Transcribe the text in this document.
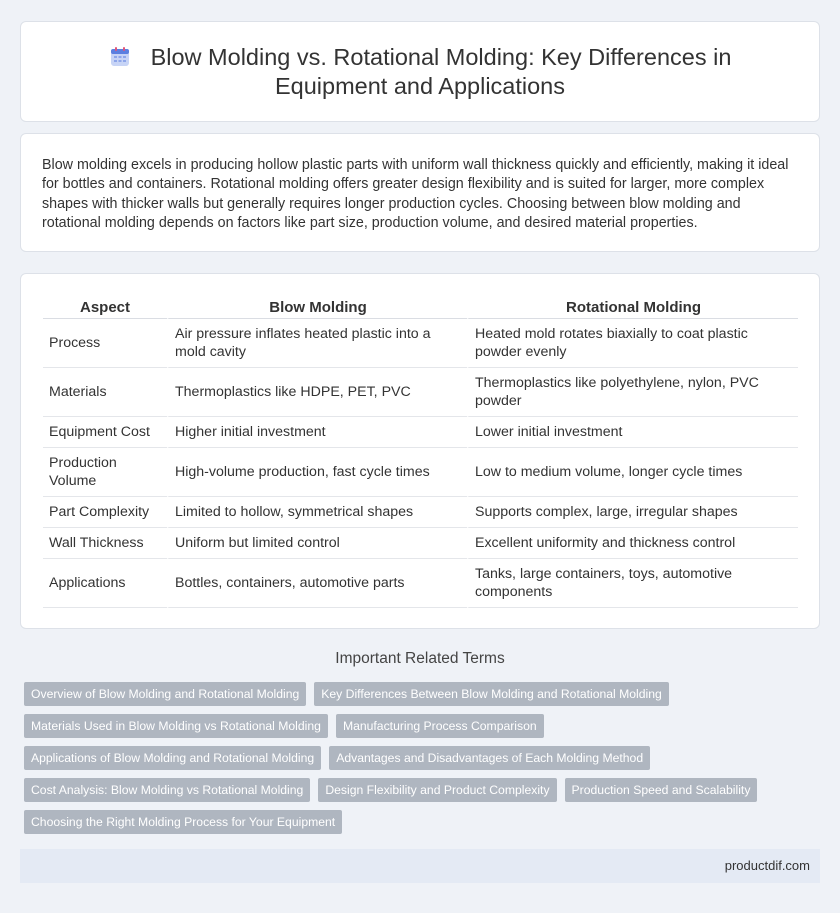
Blow Molding vs. Rotational Molding: Key Differences in Equipment and Applications

Blow molding excels in producing hollow plastic parts with uniform wall thickness quickly and efficiently, making it ideal for bottles and containers. Rotational molding offers greater design flexibility and is suited for larger, more complex shapes with thicker walls but generally requires longer production cycles. Choosing between blow molding and rotational molding depends on factors like part size, production volume, and desired material properties.

Aspect	Blow Molding	Rotational Molding
Process	Air pressure inflates heated plastic into a mold cavity	Heated mold rotates biaxially to coat plastic powder evenly
Materials	Thermoplastics like HDPE, PET, PVC	Thermoplastics like polyethylene, nylon, PVC powder
Equipment Cost	Higher initial investment	Lower initial investment
Production Volume	High-volume production, fast cycle times	Low to medium volume, longer cycle times
Part Complexity	Limited to hollow, symmetrical shapes	Supports complex, large, irregular shapes
Wall Thickness	Uniform but limited control	Excellent uniformity and thickness control
Applications	Bottles, containers, automotive parts	Tanks, large containers, toys, automotive components
Important Related Terms
Overview of Blow Molding and Rotational Molding	Key Differences Between Blow Molding and Rotational Molding
Materials Used in Blow Molding vs Rotational Molding	Manufacturing Process Comparison
Applications of Blow Molding and Rotational Molding	Advantages and Disadvantages of Each Molding Method
Cost Analysis: Blow Molding vs Rotational Molding	Design Flexibility and Product Complexity	Production Speed and Scalability
Choosing the Right Molding Process for Your Equipment
productdif.com
